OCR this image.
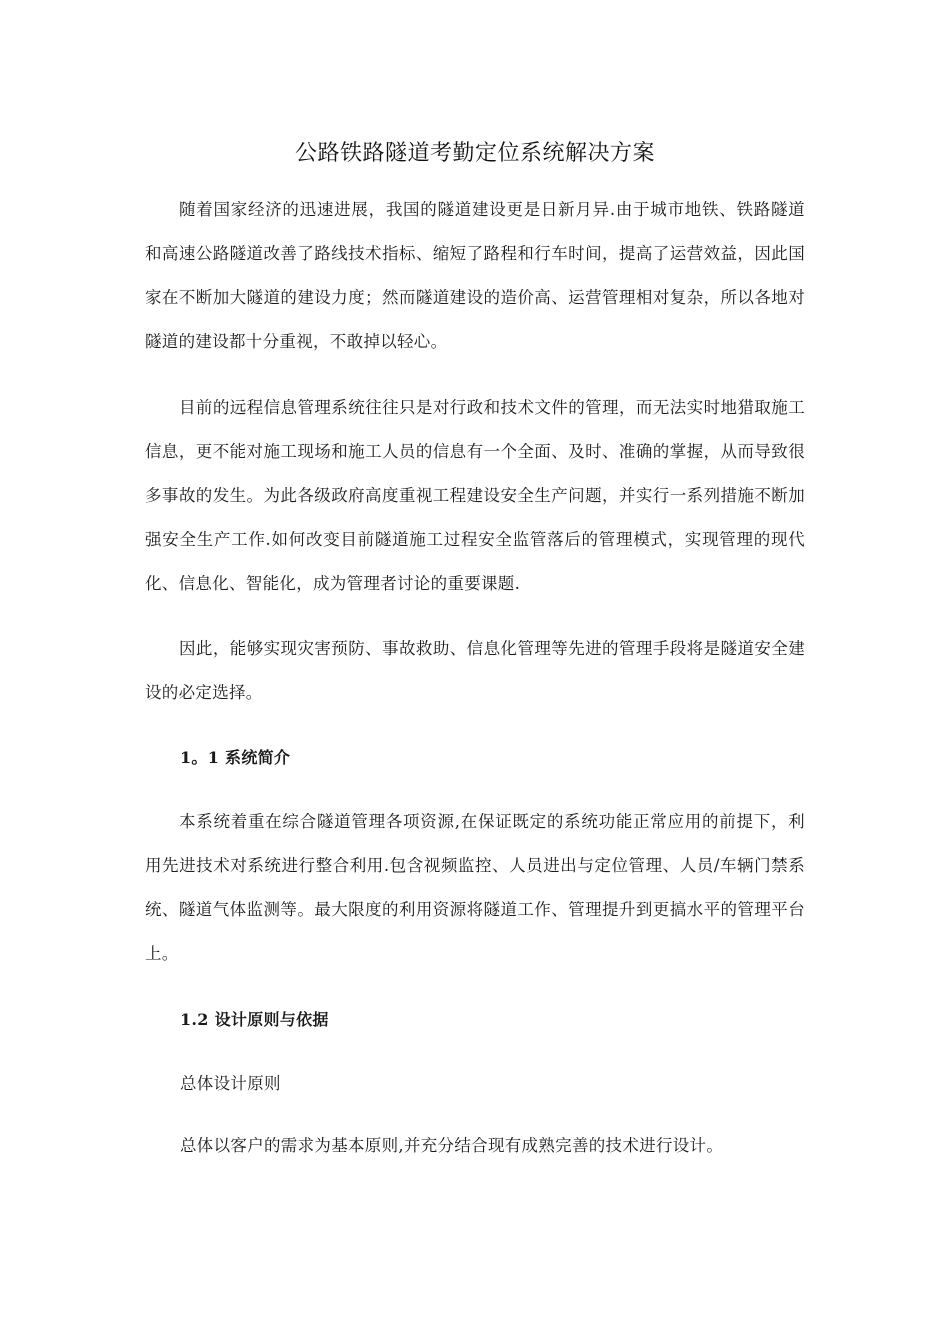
公路铁路隧道考勤定位系统解决方案

随着国家经济的迅速进展，我国的隧道建设更是日新月异.由于城市地铁、铁路隧道和高速公路隧道改善了路线技术指标、缩短了路程和行车时间，提高了运营效益，因此国家在不断加大隧道的建设力度；然而隧道建设的造价高、运营管理相对复杂，所以各地对隧道的建设都十分重视，不敢掉以轻心。

目前的远程信息管理系统往往只是对行政和技术文件的管理，而无法实时地猎取施工信息，更不能对施工现场和施工人员的信息有一个全面、及时、准确的掌握，从而导致很多事故的发生。为此各级政府高度重视工程建设安全生产问题，并实行一系列措施不断加强安全生产工作.如何改变目前隧道施工过程安全监管落后的管理模式，实现管理的现代化、信息化、智能化，成为管理者讨论的重要课题.

因此，能够实现灾害预防、事故救助、信息化管理等先进的管理手段将是隧道安全建设的必定选择。

1。1 系统简介

本系统着重在综合隧道管理各项资源,在保证既定的系统功能正常应用的前提下，利用先进技术对系统进行整合利用.包含视频监控、人员进出与定位管理、人员/车辆门禁系统、隧道气体监测等。最大限度的利用资源将隧道工作、管理提升到更搞水平的管理平台上。

1.2 设计原则与依据

总体设计原则

总体以客户的需求为基本原则,并充分结合现有成熟完善的技术进行设计。
